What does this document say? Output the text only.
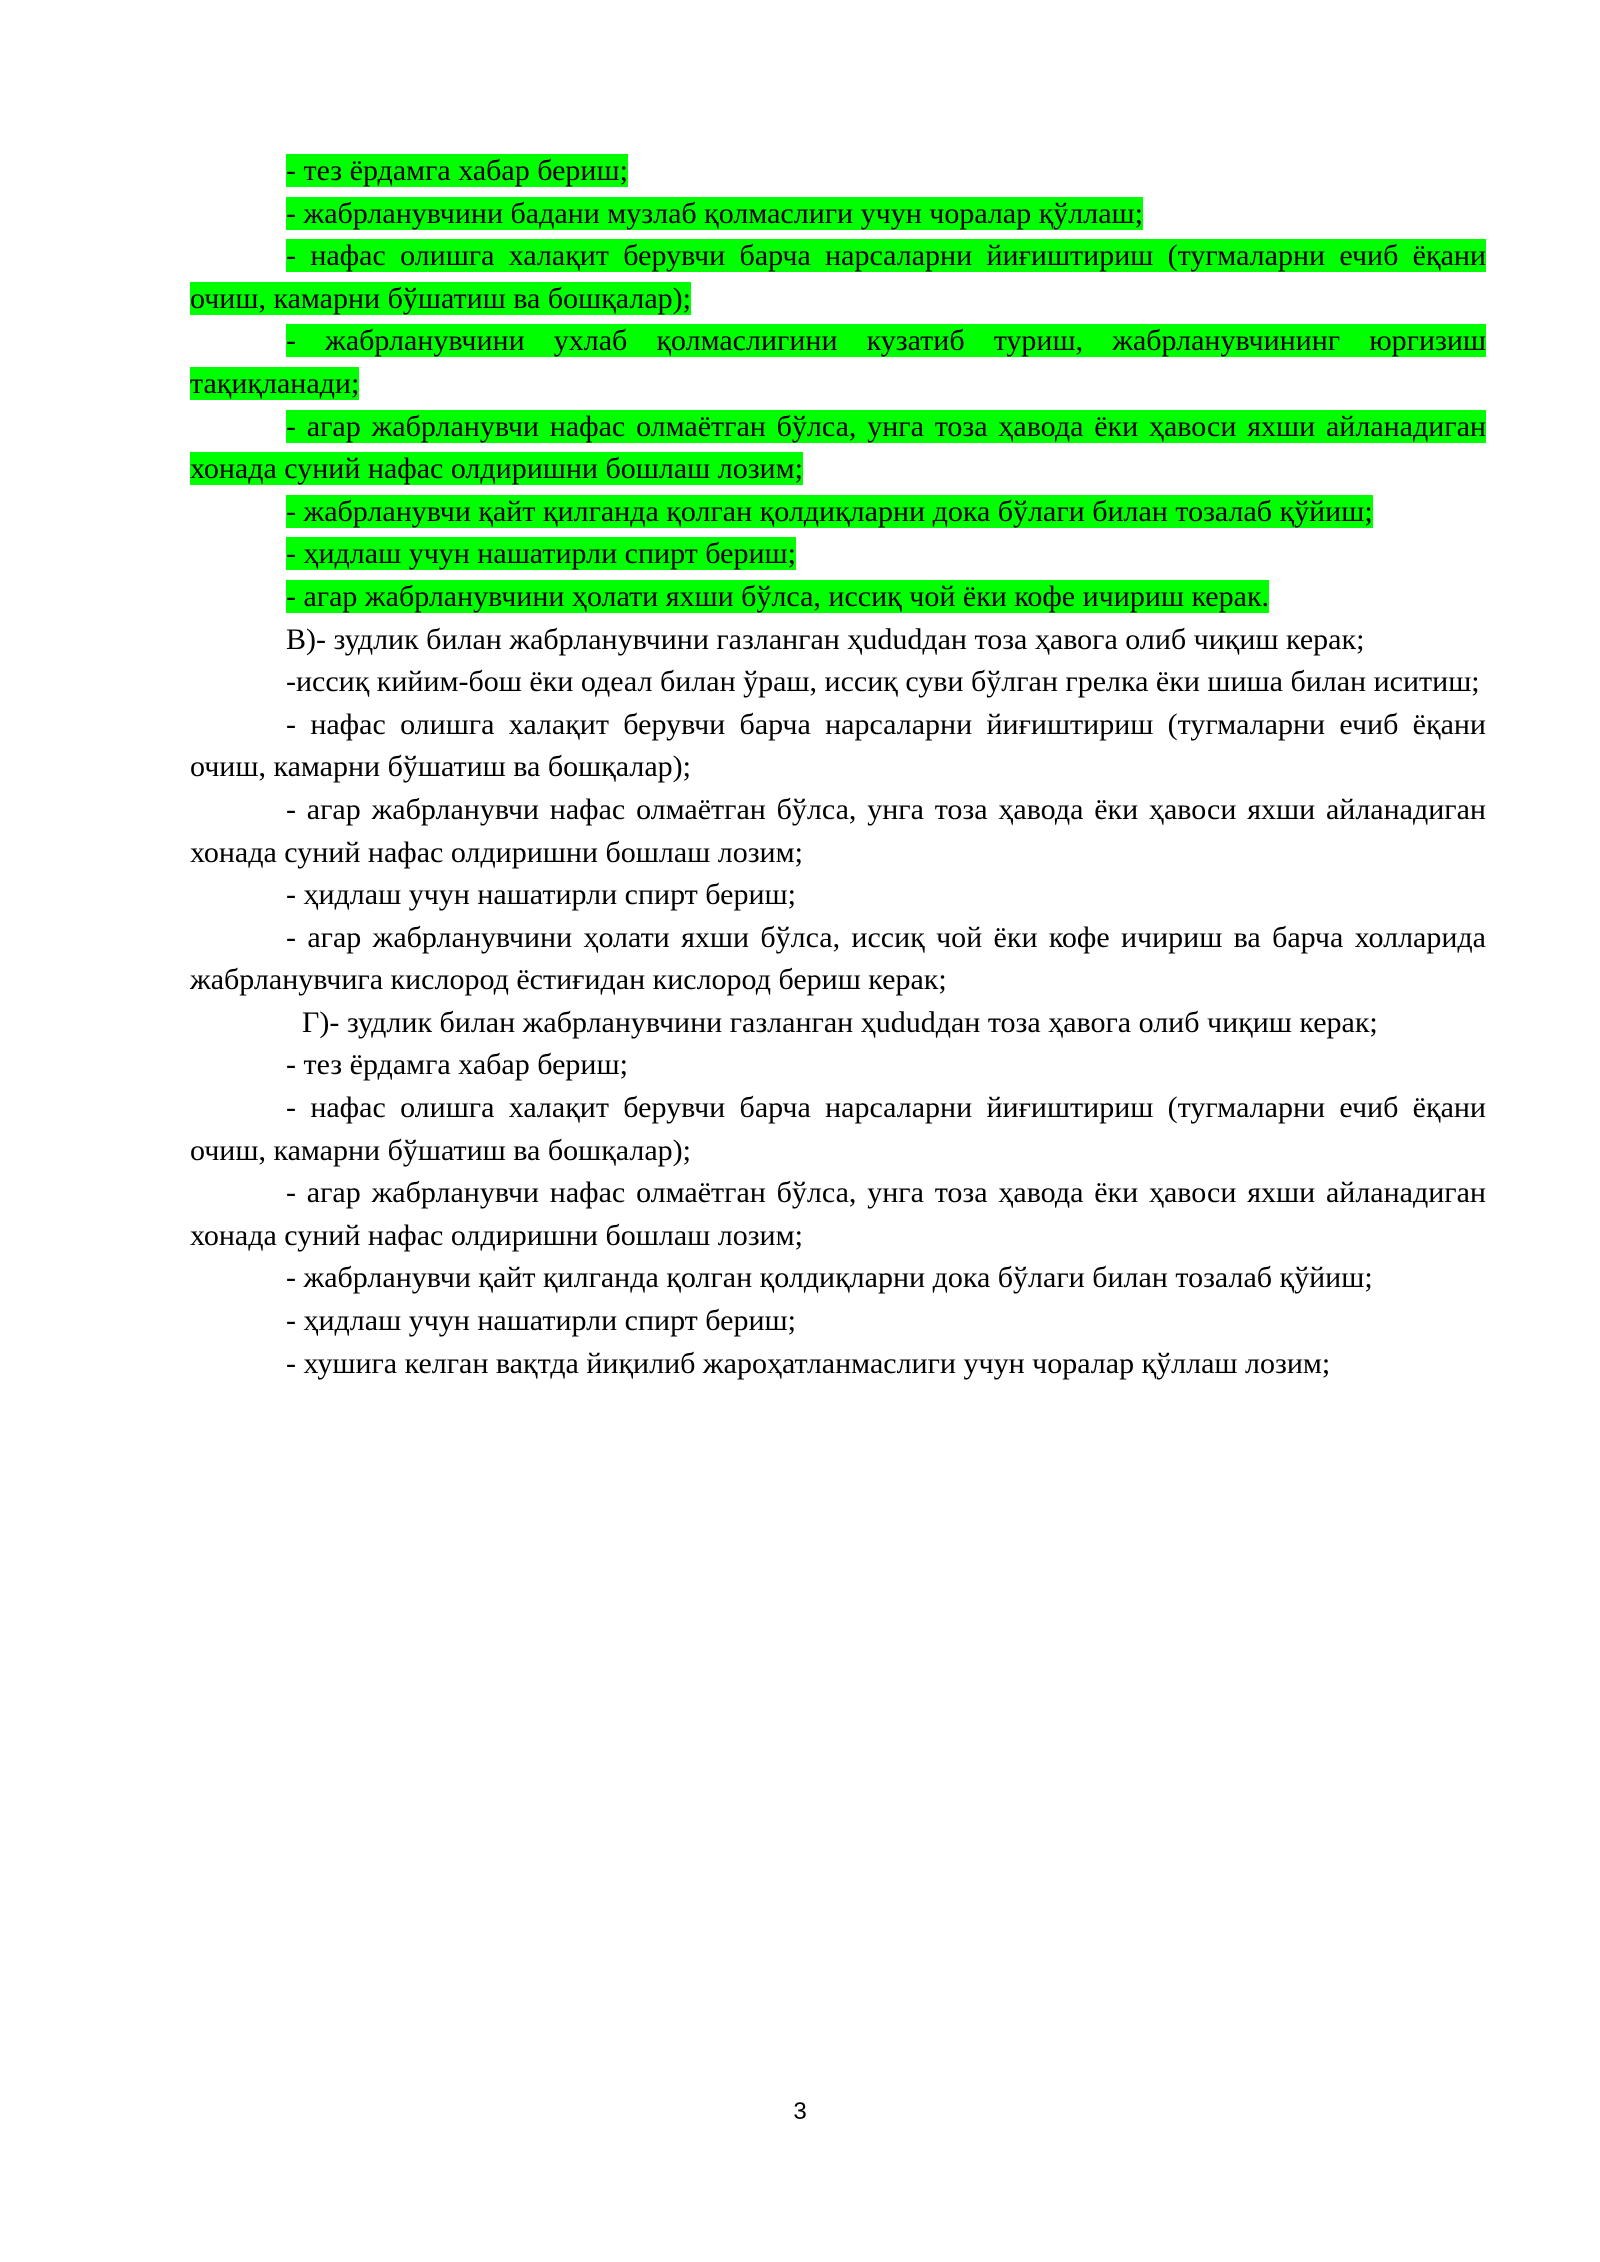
- тез ёрдамга хабар бериш;

- жабрланувчини бадани музлаб қолмаслиги учун чоралар қўллаш;

- нафас олишга халақит берувчи барча нарсаларни йиғиштириш (тугмаларни ечиб ёқани очиш, камарни бўшатиш ва бошқалар);

- жабрланувчини ухлаб қолмаслигини кузатиб туриш, жабрланувчининг юргизиш тақиқланади;

- агар жабрланувчи нафас олмаётган бўлса, унга тоза ҳавода ёки ҳавоси яхши айланадиган хонада суний нафас олдиришни бошлаш лозим;

- жабрланувчи қайт қилганда қолган қолдиқларни дока бўлаги билан тозалаб қўйиш;

- ҳидлаш учун нашатирли спирт бериш;

- агар жабрланувчини ҳолати яхши бўлса, иссиқ чой ёки кофе ичириш керак.

В)- зудлик билан жабрланувчини газланган ҳududдан тоза ҳавога олиб чиқиш керак;

-иссиқ кийим-бош ёки одеал билан ўраш, иссиқ суви бўлган грелка ёки шиша билан иситиш;

- нафас олишга халақит берувчи барча нарсаларни йиғиштириш (тугмаларни ечиб ёқани очиш, камарни бўшатиш ва бошқалар);

- агар жабрланувчи нафас олмаётган бўлса, унга тоза ҳавода ёки ҳавоси яхши айланадиган хонада суний нафас олдиришни бошлаш лозим;

- ҳидлаш учун нашатирли спирт бериш;

- агар жабрланувчини ҳолати яхши бўлса, иссиқ чой ёки кофе ичириш ва барча холларида жабрланувчига кислород ёстиғидан кислород бериш керак;

Г)- зудлик билан жабрланувчини газланган ҳududдан тоза ҳавога олиб чиқиш керак;

- тез ёрдамга хабар бериш;

- нафас олишга халақит берувчи барча нарсаларни йиғиштириш (тугмаларни ечиб ёқани очиш, камарни бўшатиш ва бошқалар);

- агар жабрланувчи нафас олмаётган бўлса, унга тоза ҳавода ёки ҳавоси яхши айланадиган хонада суний нафас олдиришни бошлаш лозим;

- жабрланувчи қайт қилганда қолган қолдиқларни дока бўлаги билан тозалаб қўйиш;

- ҳидлаш учун нашатирли спирт бериш;

- хушига келган вақтда йиқилиб жароҳатланмаслиги учун чоралар қўллаш лозим;

3
